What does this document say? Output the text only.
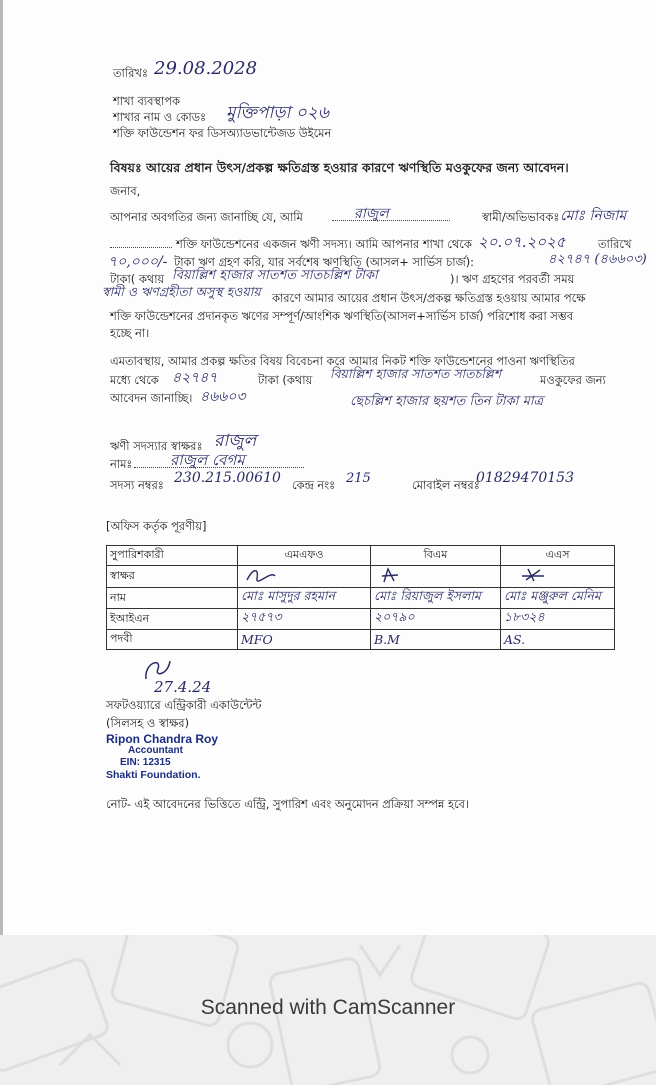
তারিখঃ 29.08.2028
শাখা ব্যবস্থাপক
শাখার নাম ও কোডঃ মুক্তিপাড়া ০২৬
শক্তি ফাউন্ডেশন ফর ডিসঅ্যাডভান্টেজড উইমেন
বিষয়ঃ আয়ের প্রধান উৎস/প্রকল্প ক্ষতিগ্রস্ত হওয়ার কারণে ঋণস্থিতি মওকুফের জন্য আবেদন।
জনাব,
আপনার অবগতির জন্য জানাচ্ছি যে, আমি	রাজুল	স্বামী/অভিভাবকঃ মোঃ নিজাম
শক্তি ফাউন্ডেশনের একজন ঋণী সদস্য। আমি আপনার শাখা থেকে ২০.০৭.২০২৫	তারিখে
৭০,০০০/- টাকা ঋণ গ্রহণ করি, যার সর্বশেষ ঋণস্থিতি (আসল+ সার্ভিস চার্জ):	৪২৭৪৭ (৪৬৬০৩)
টাকা( কথায় বিয়াল্লিশ হাজার সাতশত সাতচল্লিশ টাকা	)। ঋণ গ্রহণের পরবর্তী সময়
স্বামী ও ঋণগ্রহীতা অসুস্থ হওয়ায় কারণে আমার আয়ের প্রধান উৎস/প্রকল্প ক্ষতিগ্রস্ত হওয়ায় আমার পক্ষে
শক্তি ফাউন্ডেশনের প্রদানকৃত ঋণের সম্পূর্ণ/আংশিক ঋণস্থিতি(আসল+সার্ভিস চার্জ) পরিশোধ করা সম্ভব
হচ্ছে না।
এমতাবস্থায়, আমার প্রকল্প ক্ষতির বিষয় বিবেচনা করে আমার নিকট শক্তি ফাউন্ডেশনের পাওনা ঋণস্থিতির
মধ্যে থেকে ৪২৭৪৭	টাকা (কথায় বিয়াল্লিশ হাজার সাতশত সাতচল্লিশ	মওকুফের জন্য
আবেদন জানাচ্ছি। ৪৬৬০৩	ছেচল্লিশ হাজার ছয়শত তিন টাকা মাত্র
ঋণী সদস্যার স্বাক্ষরঃ রাজুল
নামঃ	রাজুল বেগম
সদস্য নম্বরঃ 230.215.00610 কেন্দ্র নংঃ 215	মোবাইল নম্বরঃ
01829470153
[অফিস কর্তৃক পূরণীয়]
সুপারিশকারী	এমএফও	বিএম	এএস
স্বাক্ষর			
নাম	মোঃ মাসুদুর রহমান	মোঃ রিয়াজুল ইসলাম	মোঃ মঞ্জুরুল মেনিম
ইআইএন	২৭৫৭৩	২০৭৯০	১৮৩২৪
পদবী	MFO	B.M	AS.
27.4.24
সফটওয়্যারে এন্ট্রিকারী একাউন্টেন্ট
(সিলসহ ও স্বাক্ষর)
Ripon Chandra Roy
Accountant
EIN: 12315
Shakti Foundation.
নোট- এই আবেদনের ভিত্তিতে এন্ট্রি, সুপারিশ এবং অনুমোদন প্রক্রিয়া সম্পন্ন হবে।
Scanned with CamScanner
